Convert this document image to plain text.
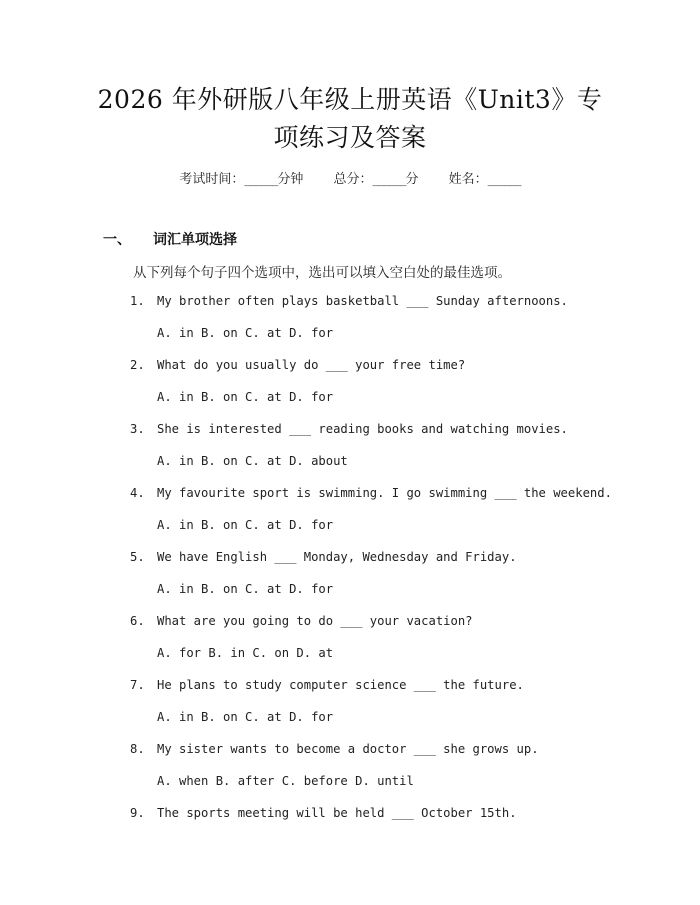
2026 年外研版八年级上册英语《Unit3》专
项练习及答案
考试时间：______分钟 总分：______分 姓名：______
一、 词汇单项选择
从下列每个句子四个选项中，选出可以填入空白处的最佳选项。
1. My brother often plays basketball ___ Sunday afternoons.
A. in B. on C. at D. for
2. What do you usually do ___ your free time?
A. in B. on C. at D. for
3. She is interested ___ reading books and watching movies.
A. in B. on C. at D. about
4. My favourite sport is swimming. I go swimming ___ the weekend.
A. in B. on C. at D. for
5. We have English ___ Monday, Wednesday and Friday.
A. in B. on C. at D. for
6. What are you going to do ___ your vacation?
A. for B. in C. on D. at
7. He plans to study computer science ___ the future.
A. in B. on C. at D. for
8. My sister wants to become a doctor ___ she grows up.
A. when B. after C. before D. until
9. The sports meeting will be held ___ October 15th.
